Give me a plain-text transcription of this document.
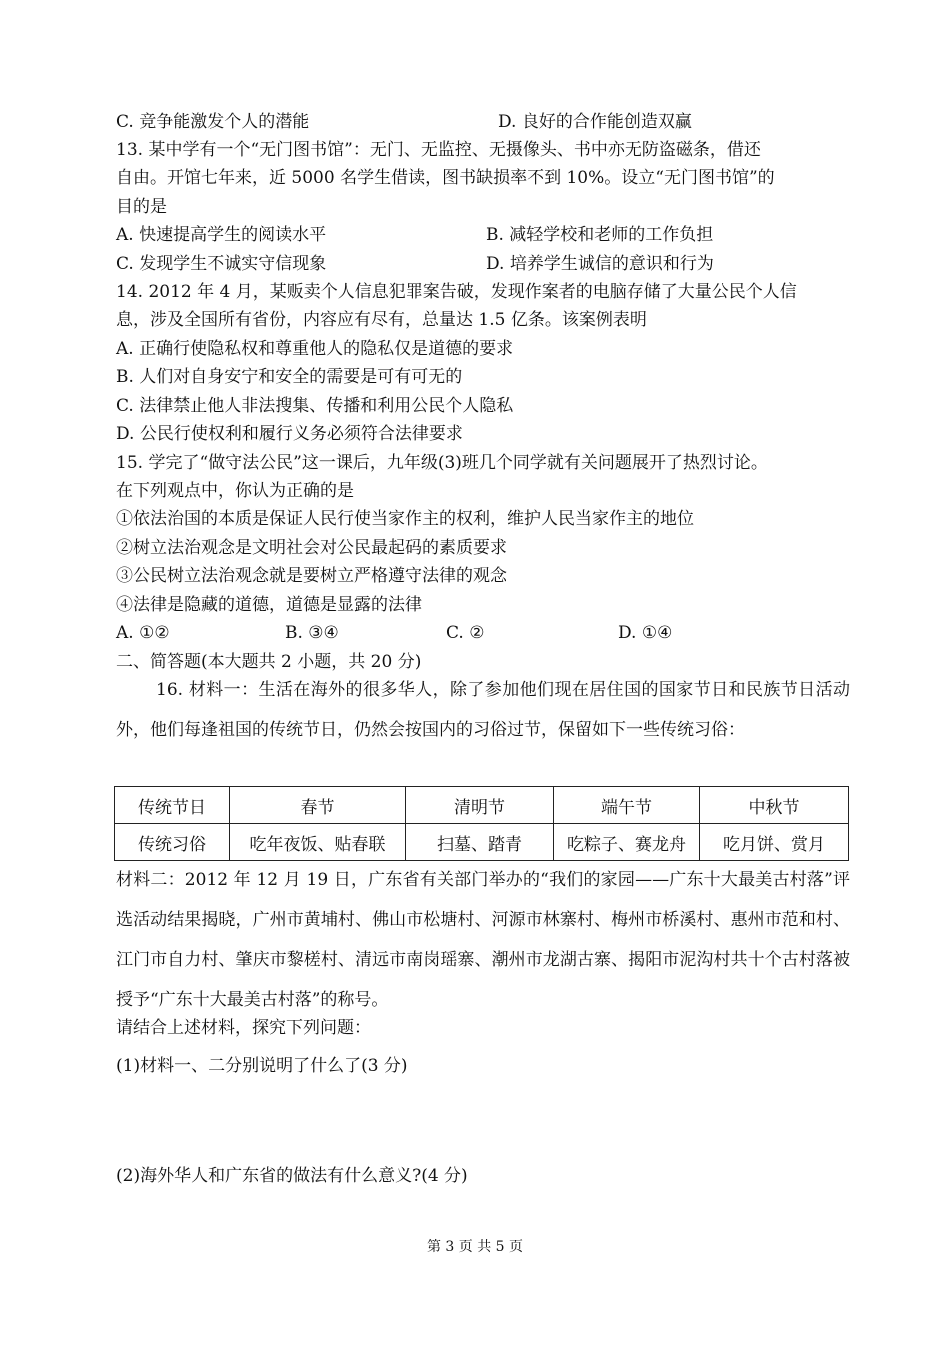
C. 竞争能激发个人的潜能	D. 良好的合作能创造双赢
13. 某中学有一个“无门图书馆”：无门、无监控、无摄像头、书中亦无防盗磁条，借还
自由。开馆七年来，近 5000 名学生借读，图书缺损率不到 10%。设立“无门图书馆”的
目的是
A. 快速提高学生的阅读水平	B. 减轻学校和老师的工作负担
C. 发现学生不诚实守信现象	D. 培养学生诚信的意识和行为
14. 2012 年 4 月，某贩卖个人信息犯罪案告破，发现作案者的电脑存储了大量公民个人信
息，涉及全国所有省份，内容应有尽有，总量达 1.5 亿条。该案例表明
A. 正确行使隐私权和尊重他人的隐私仅是道德的要求
B. 人们对自身安宁和安全的需要是可有可无的
C. 法律禁止他人非法搜集、传播和利用公民个人隐私
D. 公民行使权利和履行义务必须符合法律要求
15. 学完了“做守法公民”这一课后，九年级(3)班几个同学就有关问题展开了热烈讨论。
在下列观点中，你认为正确的是
①依法治国的本质是保证人民行使当家作主的权利，维护人民当家作主的地位
②树立法治观念是文明社会对公民最起码的素质要求
③公民树立法治观念就是要树立严格遵守法律的观念
④法律是隐藏的道德，道德是显露的法律
A. ①②	B. ③④	C. ②	D. ①④
二、简答题(本大题共 2 小题，共 20 分)
16. 材料一：生活在海外的很多华人，除了参加他们现在居住国的国家节日和民族节日活动外，他们每逢祖国的传统节日，仍然会按国内的习俗过节，保留如下一些传统习俗：
传统节日	春节	清明节	端午节	中秋节
传统习俗	吃年夜饭、贴春联	扫墓、踏青	吃粽子、赛龙舟	吃月饼、赏月
材料二：2012 年 12 月 19 日，广东省有关部门举办的“我们的家园——广东十大最美古村落”评选活动结果揭晓，广州市黄埔村、佛山市松塘村、河源市林寨村、梅州市桥溪村、惠州市范和村、江门市自力村、肇庆市黎槎村、清远市南岗瑶寨、潮州市龙湖古寨、揭阳市泥沟村共十个古村落被授予“广东十大最美古村落”的称号。
请结合上述材料，探究下列问题：
(1)材料一、二分别说明了什么了(3 分)
(2)海外华人和广东省的做法有什么意义?(4 分)
第 3 页 共 5 页
